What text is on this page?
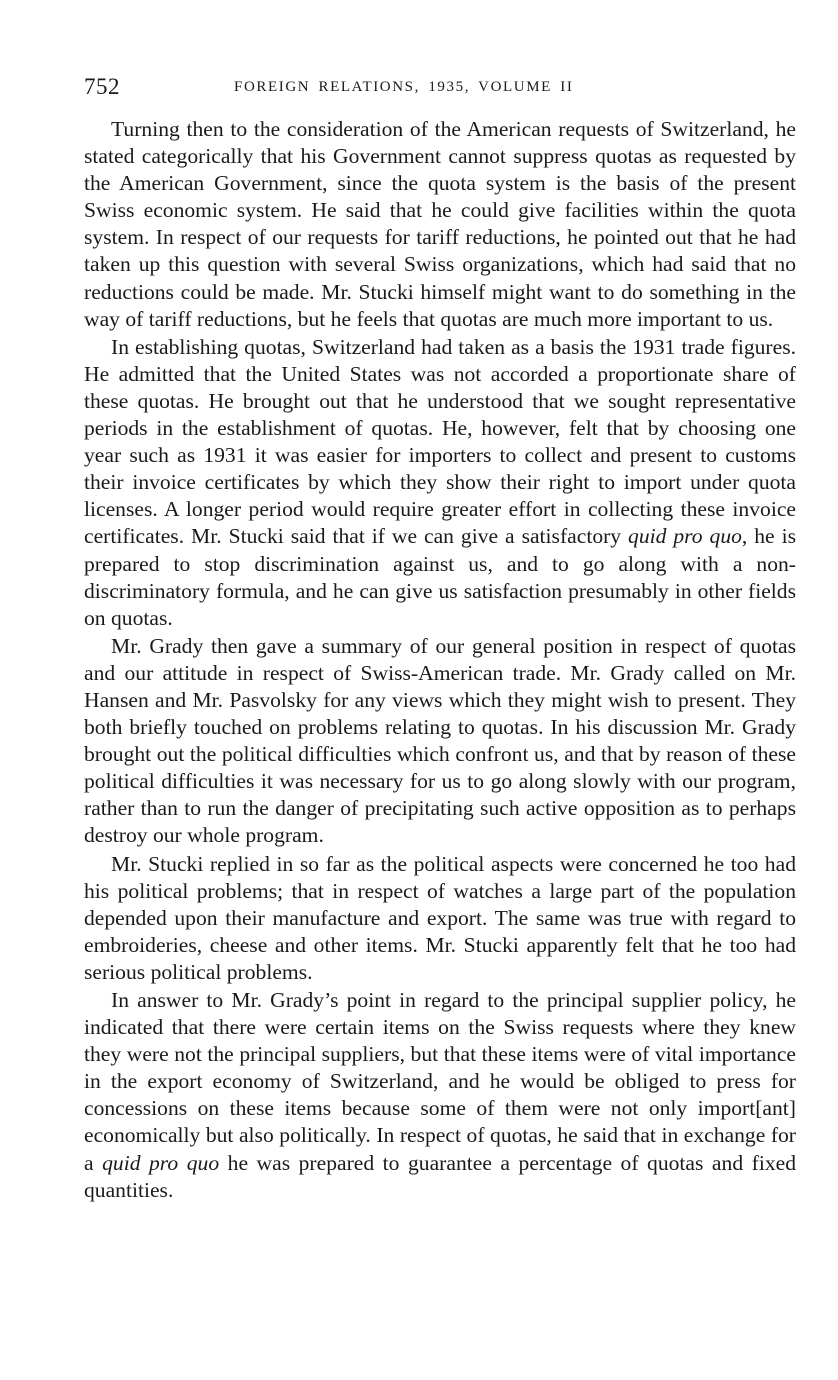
752	FOREIGN RELATIONS, 1935, VOLUME II

Turning then to the consideration of the American requests of Switzerland, he stated categorically that his Government cannot suppress quotas as requested by the American Government, since the quota system is the basis of the present Swiss economic system. He said that he could give facilities within the quota system. In respect of our requests for tariff reductions, he pointed out that he had taken up this question with several Swiss organizations, which had said that no reductions could be made. Mr. Stucki himself might want to do something in the way of tariff reductions, but he feels that quotas are much more important to us.

In establishing quotas, Switzerland had taken as a basis the 1931 trade figures. He admitted that the United States was not accorded a proportionate share of these quotas. He brought out that he understood that we sought representative periods in the establishment of quotas. He, however, felt that by choosing one year such as 1931 it was easier for importers to collect and present to customs their invoice certificates by which they show their right to import under quota licenses. A longer period would require greater effort in collecting these invoice certificates. Mr. Stucki said that if we can give a satisfactory quid pro quo, he is prepared to stop discrimination against us, and to go along with a non-discriminatory formula, and he can give us satisfaction presumably in other fields on quotas.

Mr. Grady then gave a summary of our general position in respect of quotas and our attitude in respect of Swiss-American trade. Mr. Grady called on Mr. Hansen and Mr. Pasvolsky for any views which they might wish to present. They both briefly touched on problems relating to quotas. In his discussion Mr. Grady brought out the political difficulties which confront us, and that by reason of these political difficulties it was necessary for us to go along slowly with our program, rather than to run the danger of precipitating such active opposition as to perhaps destroy our whole program.

Mr. Stucki replied in so far as the political aspects were concerned he too had his political problems; that in respect of watches a large part of the population depended upon their manufacture and export. The same was true with regard to embroideries, cheese and other items. Mr. Stucki apparently felt that he too had serious political problems.

In answer to Mr. Grady’s point in regard to the principal supplier policy, he indicated that there were certain items on the Swiss requests where they knew they were not the principal suppliers, but that these items were of vital importance in the export economy of Switzerland, and he would be obliged to press for concessions on these items because some of them were not only import[ant] economically but also politically. In respect of quotas, he said that in exchange for a quid pro quo he was prepared to guarantee a percentage of quotas and fixed quantities.
